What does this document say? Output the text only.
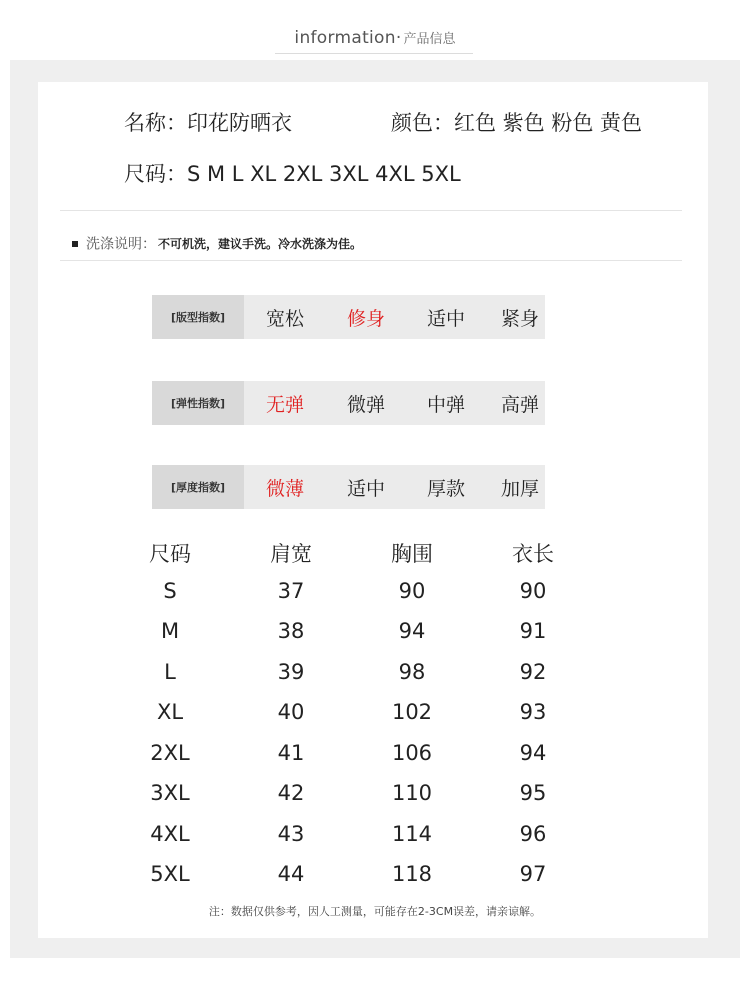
information· 产品信息
名称：印花防晒衣	颜色：红色 紫色 粉色 黄色
尺码：S M L XL 2XL 3XL 4XL 5XL
洗涤说明： 不可机洗，建议手洗。冷水洗涤为佳。
[版型指数]	宽松	修身	适中	紧身
[弹性指数]	无弹	微弹	中弹	高弹
[厚度指数]	微薄	适中	厚款	加厚
尺码	肩宽	胸围	衣长
S	37	90	90
M	38	94	91
L	39	98	92
XL	40	102	93
2XL	41	106	94
3XL	42	110	95
4XL	43	114	96
5XL	44	118	97
注：数据仅供参考，因人工测量，可能存在2-3CM误差，请亲谅解。
